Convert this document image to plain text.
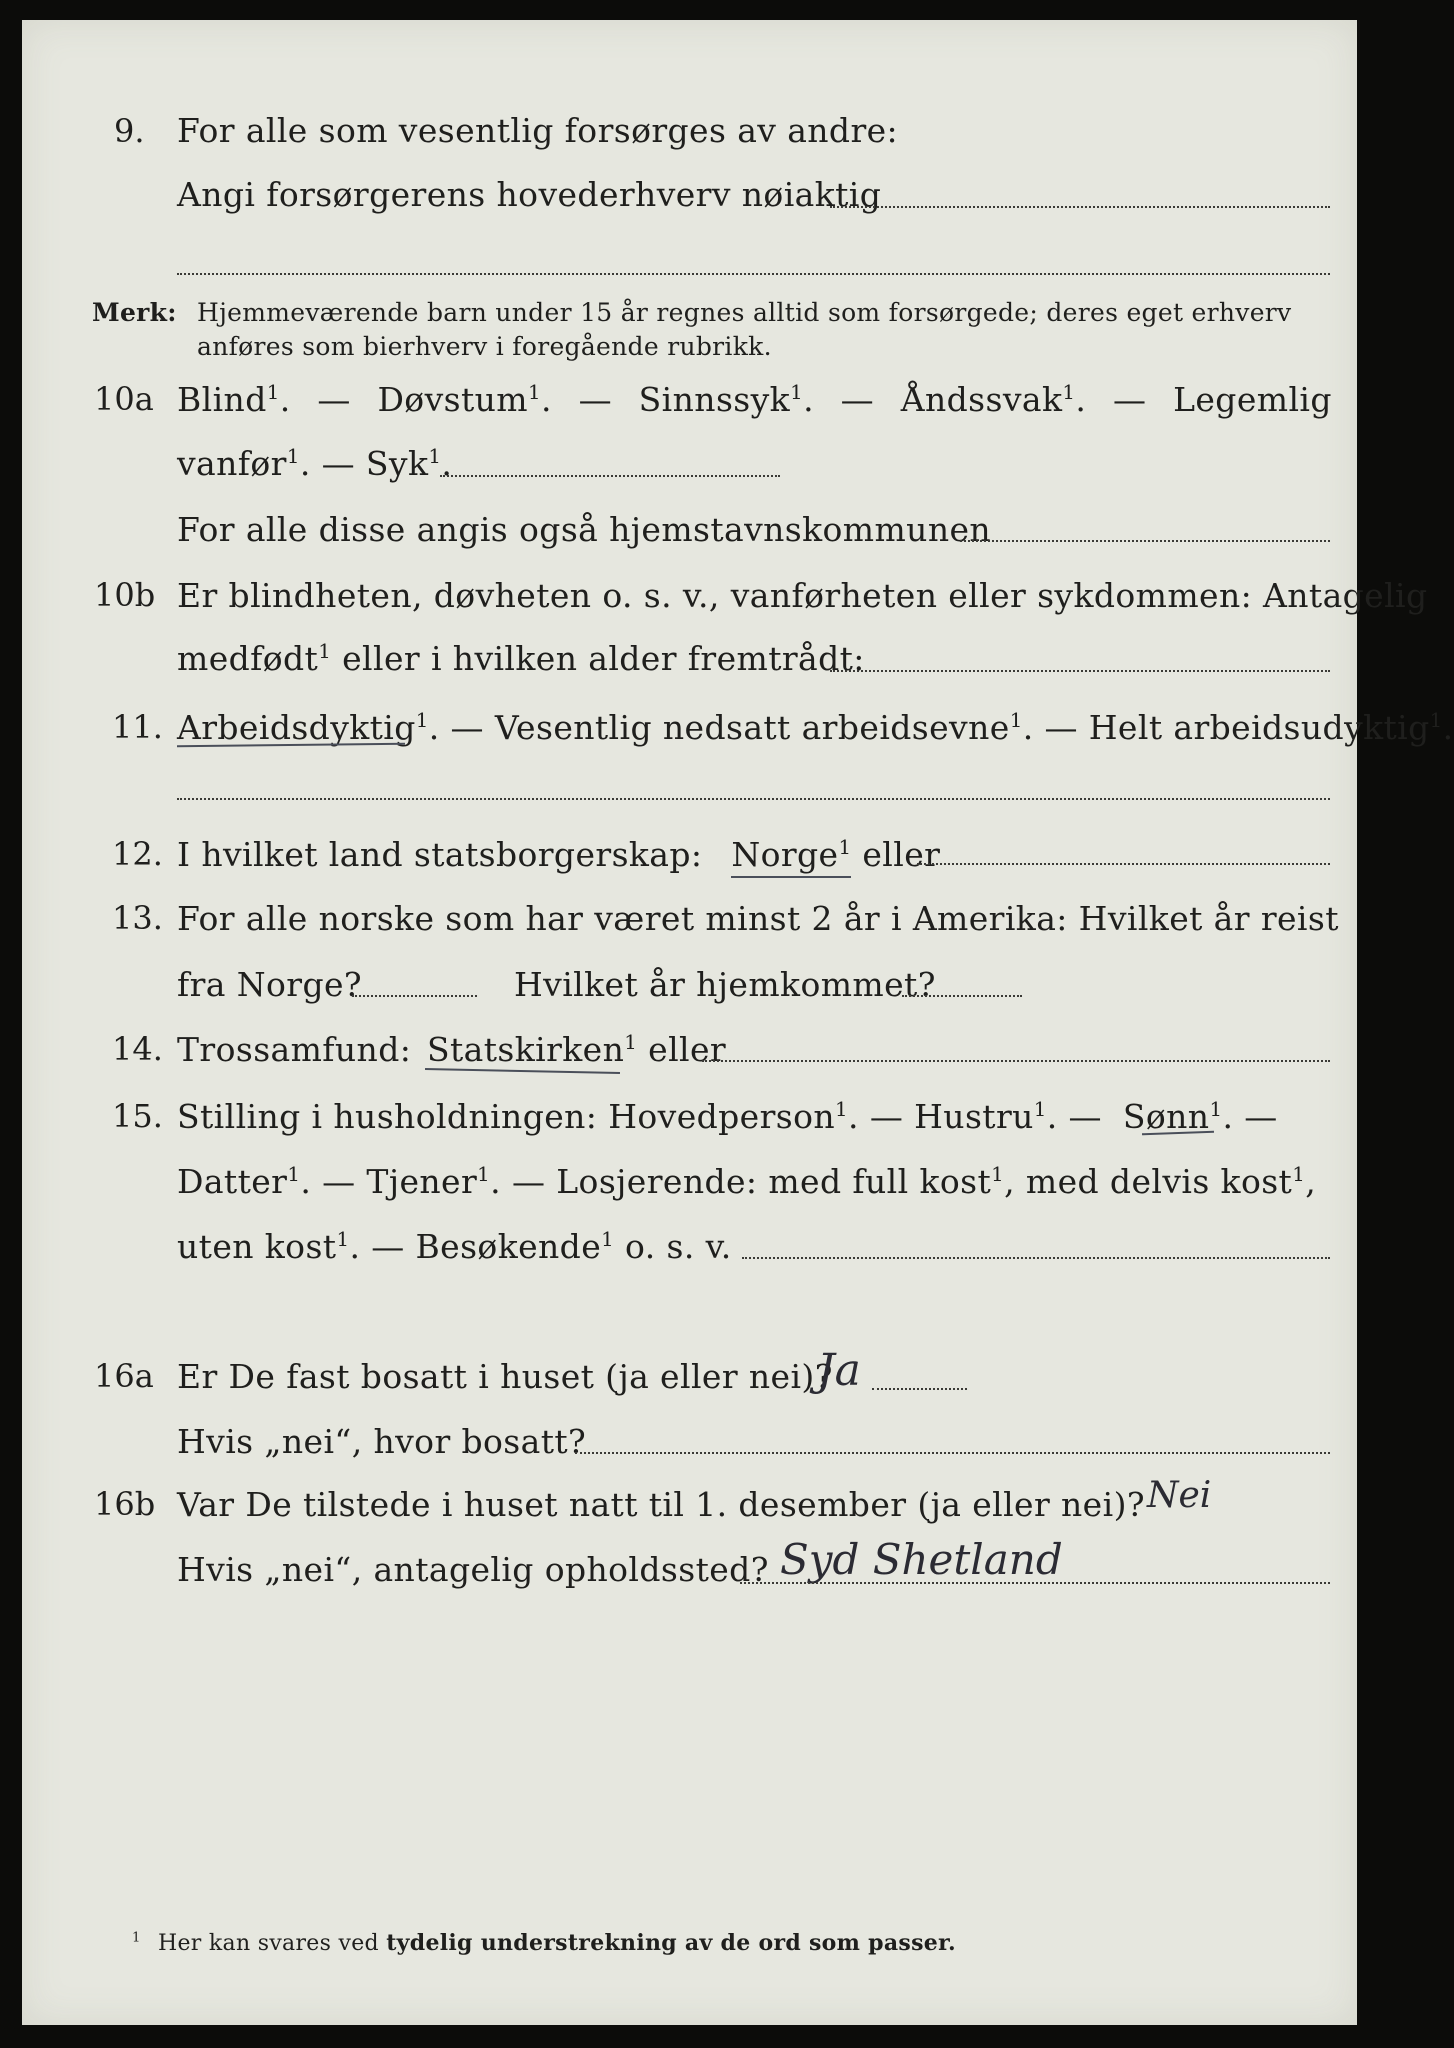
9. For alle som vesentlig forsørges av andre:
Angi forsørgerens hovederhverv nøiaktig
Merk: Hjemmeværende barn under 15 år regnes alltid som forsørgede; deres eget erhverv
anføres som bierhverv i foregående rubrikk.
10a Blind$^1$. — Døvstum$^1$. — Sinnssyk$^1$. — Åndssvak$^1$. — Legemlig
vanfør$^1$. — Syk$^1$.
For alle disse angis også hjemstavnskommunen
10b Er blindheten, døvheten o. s. v., vanførheten eller sykdommen: Antagelig
medfødt$^1$ eller i hvilken alder fremtrådt:
11. Arbeidsdyktig$^1$. — Vesentlig nedsatt arbeidsevne$^1$. — Helt arbeidsudyktig$^1$.
12. I hvilket land statsborgerskap: Norge$^1$ eller
13. For alle norske som har været minst 2 år i Amerika: Hvilket år reist
fra Norge?	Hvilket år hjemkommet?
14. Trossamfund: Statskirken$^1$ eller
15. Stilling i husholdningen: Hovedperson$^1$. — Hustru$^1$. — Sønn$^1$. —
Datter$^1$. — Tjener$^1$. — Losjerende: med full kost$^1$, med delvis kost$^1$,
uten kost$^1$. — Besøkende$^1$ o. s. v.
16a Er De fast bosatt i huset (ja eller nei)?
Ja
Hvis „nei“, hvor bosatt?
16b Var De tilstede i huset natt til 1. desember (ja eller nei)? Nei
Hvis „nei“, antagelig opholdssted? Syd Shetland
$^1$ Her kan svares ved tydelig understrekning av de ord som passer.
